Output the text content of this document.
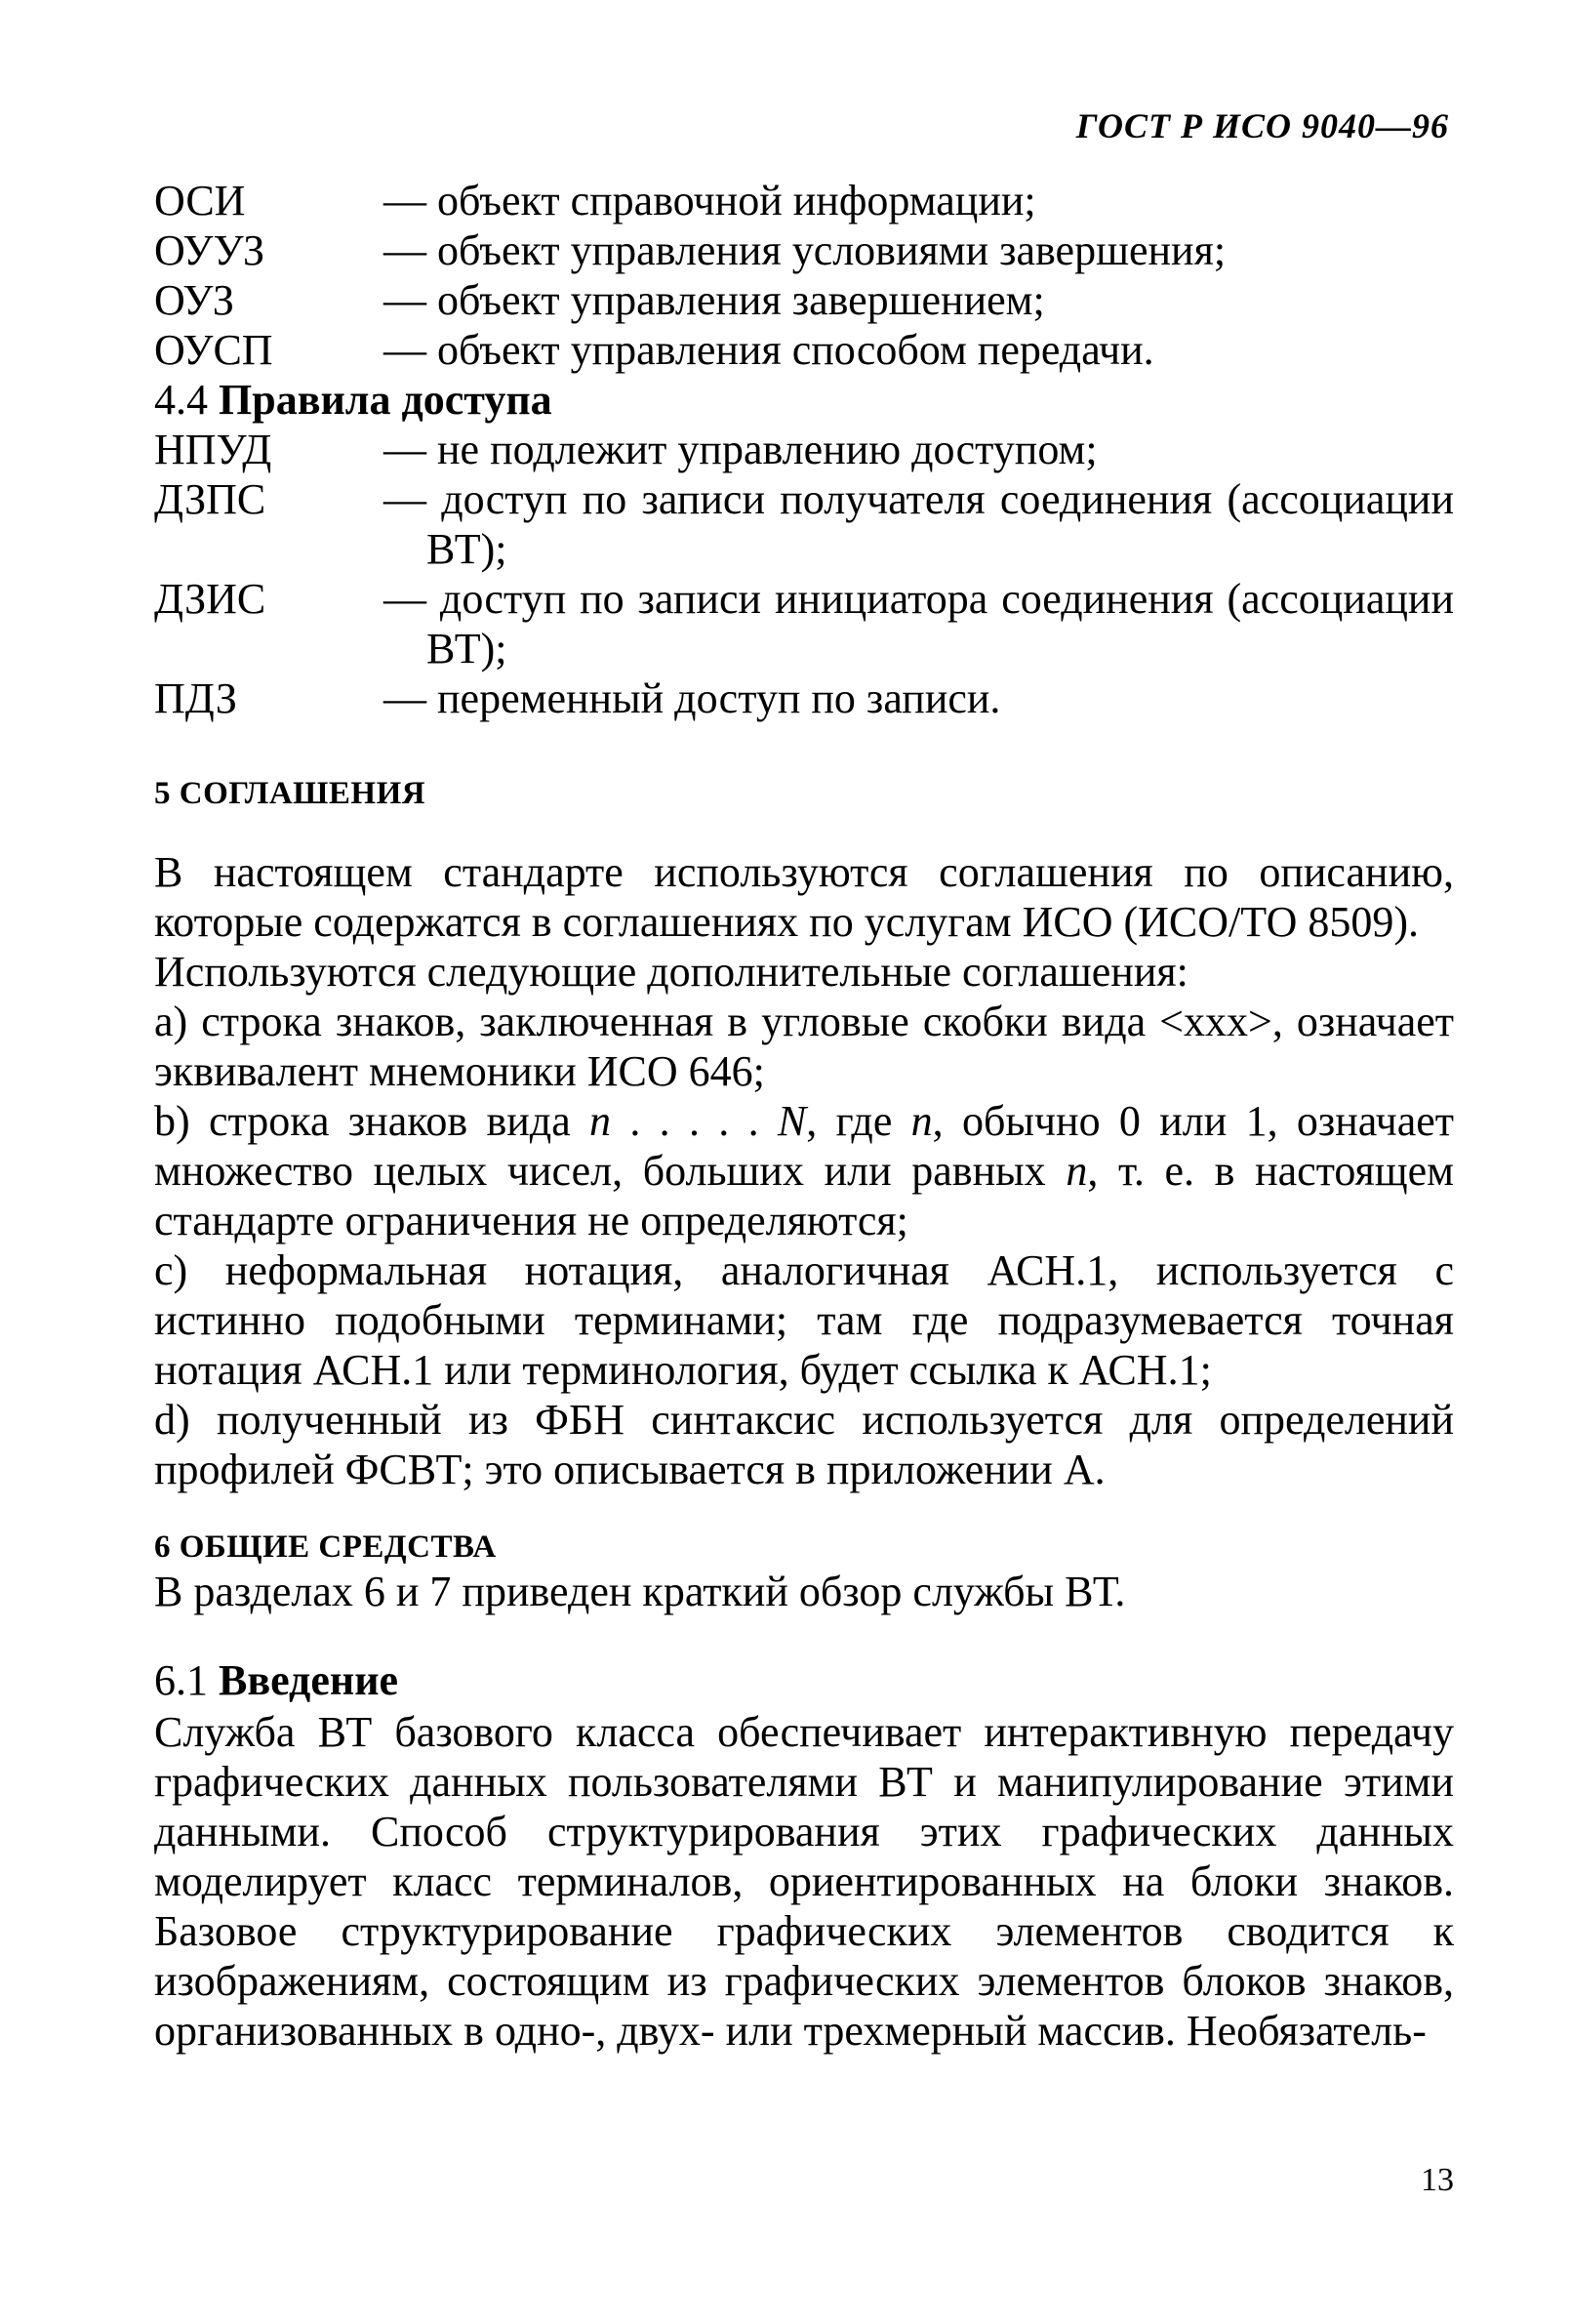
ГОСТ Р ИСО 9040—96
ОСИ	— объект справочной информации;
ОУУЗ	— объект управления условиями завершения;
ОУЗ	— объект управления завершением;
ОУСП	— объект управления способом передачи.
4.4 Правила доступа
НПУД	— не подлежит управлению доступом;
ДЗПС	— доступ по записи получателя соединения (ассоциации ВТ);
ДЗИС	— доступ по записи инициатора соединения (ассоциации ВТ);
ПДЗ	— переменный доступ по записи.
5 СОГЛАШЕНИЯ

В настоящем стандарте используются соглашения по описанию, которые содержатся в соглашениях по услугам ИСО (ИСО/ТО 8509).

Используются следующие дополнительные соглашения:

а) строка знаков, заключенная в угловые скобки вида <ххх>, означает эквивалент мнемоники ИСО 646;

b) строка знаков вида n . . . . . N, где n, обычно 0 или 1, означает множество целых чисел, больших или равных n, т. е. в настоящем стандарте ограничения не определяются;

с) неформальная нотация, аналогичная АСН.1, используется с истинно подобными терминами; там где подразумевается точная нотация АСН.1 или терминология, будет ссылка к АСН.1;

d) полученный из ФБН синтаксис используется для определений профилей ФСВТ; это описывается в приложении А.

6 ОБЩИЕ СРЕДСТВА
В разделах 6 и 7 приведен краткий обзор службы ВТ.
6.1 Введение
Служба ВТ базового класса обеспечивает интерактивную передачу графических данных пользователями ВТ и манипулирование этими данными. Способ структурирования этих графических данных моделирует класс терминалов, ориентированных на блоки знаков. Базовое структурирование графических элементов сводится к изображениям, состоящим из графических элементов блоков знаков, организованных в одно-, двух- или трехмерный массив. Необязатель-
13
